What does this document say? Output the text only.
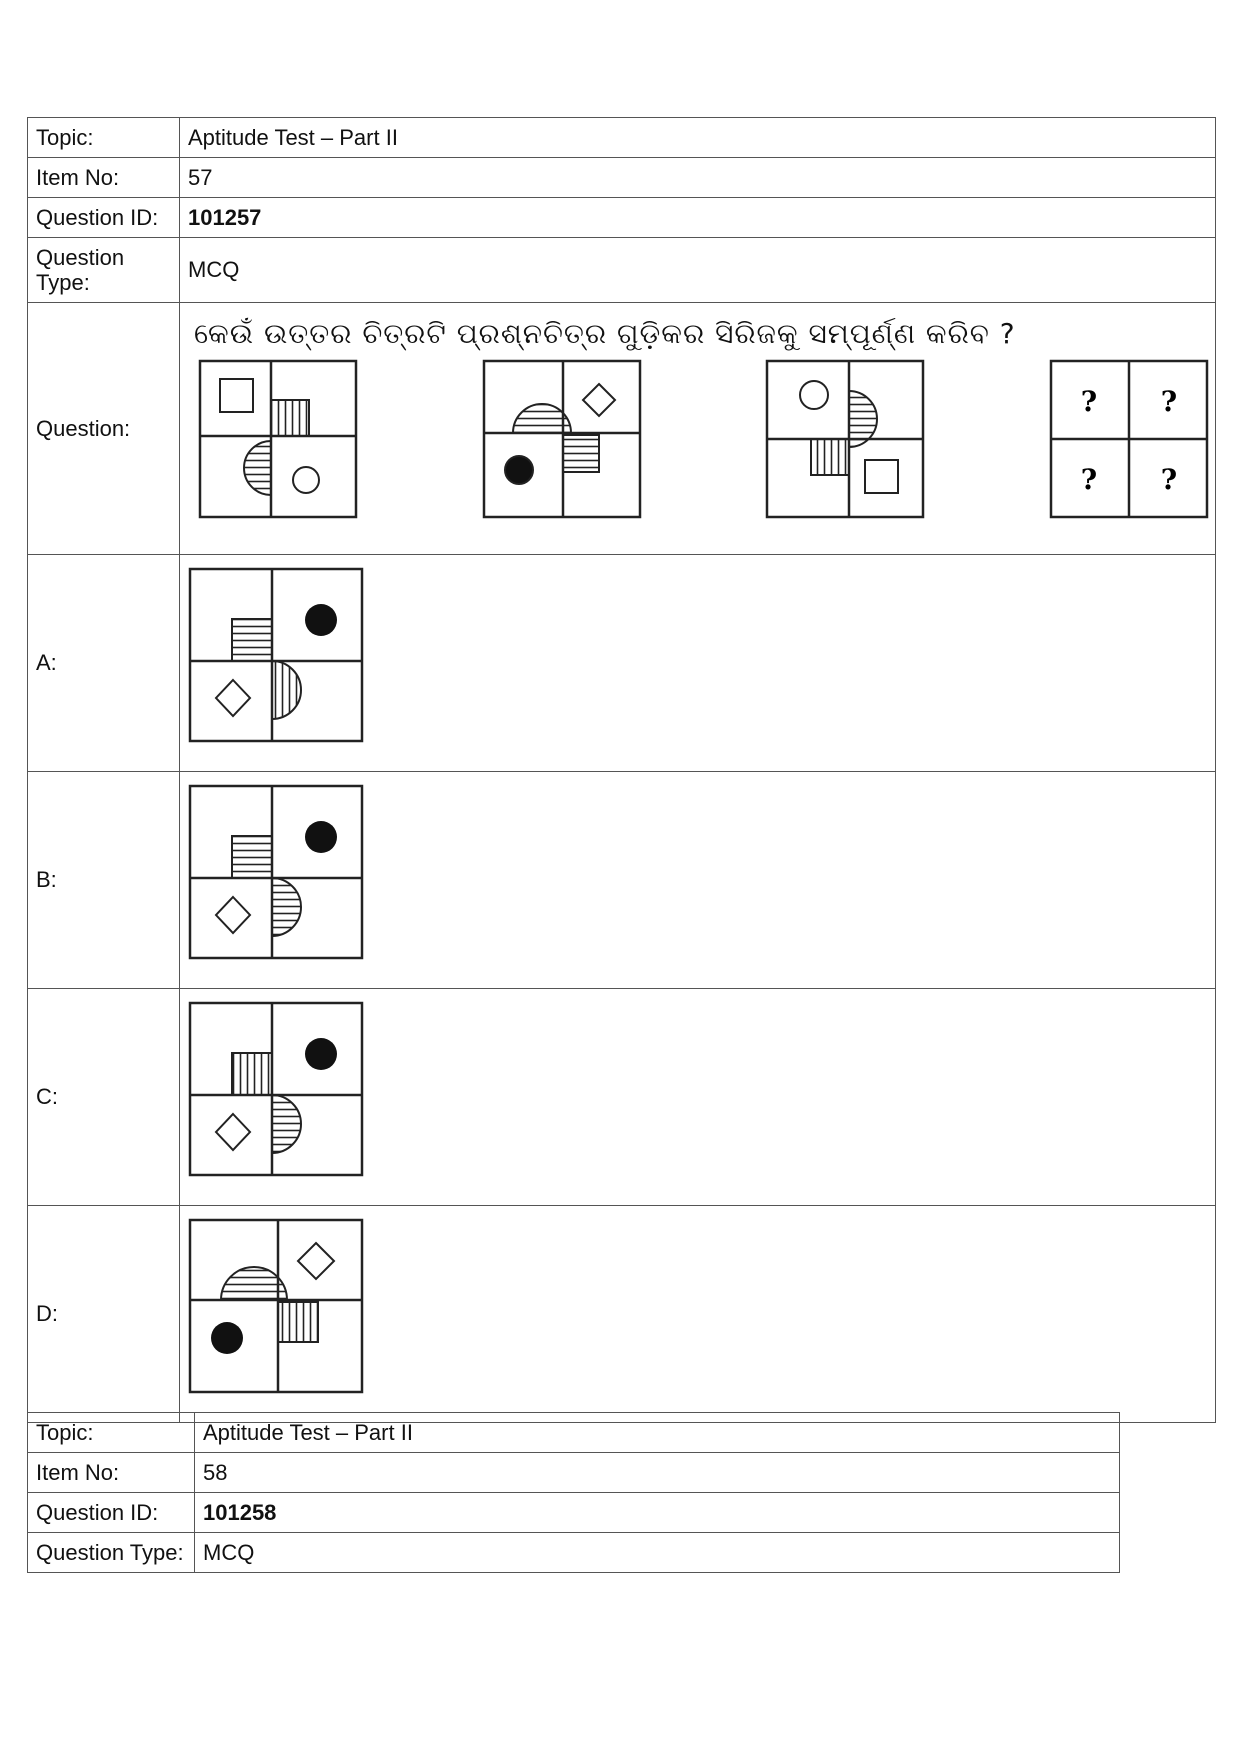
Topic:	Aptitude Test – Part II
Item No:	57
Question ID:	101257
Question
Type:	MCQ
Question:	କେଉଁ ଉତ୍ତର ଚିତ୍ରଟି ପ୍ରଶ୍ନଚିତ୍ର ଗୁଡ଼ିକର ସିରିଜକୁ ସମ୍ପୂର୍ଣ୍ଣ କରିବ ?
? ?
? ?

A:	

B:	

C:	

D:	
Topic:	Aptitude Test – Part II
Item No:	58
Question ID:	101258
Question Type:	MCQ
